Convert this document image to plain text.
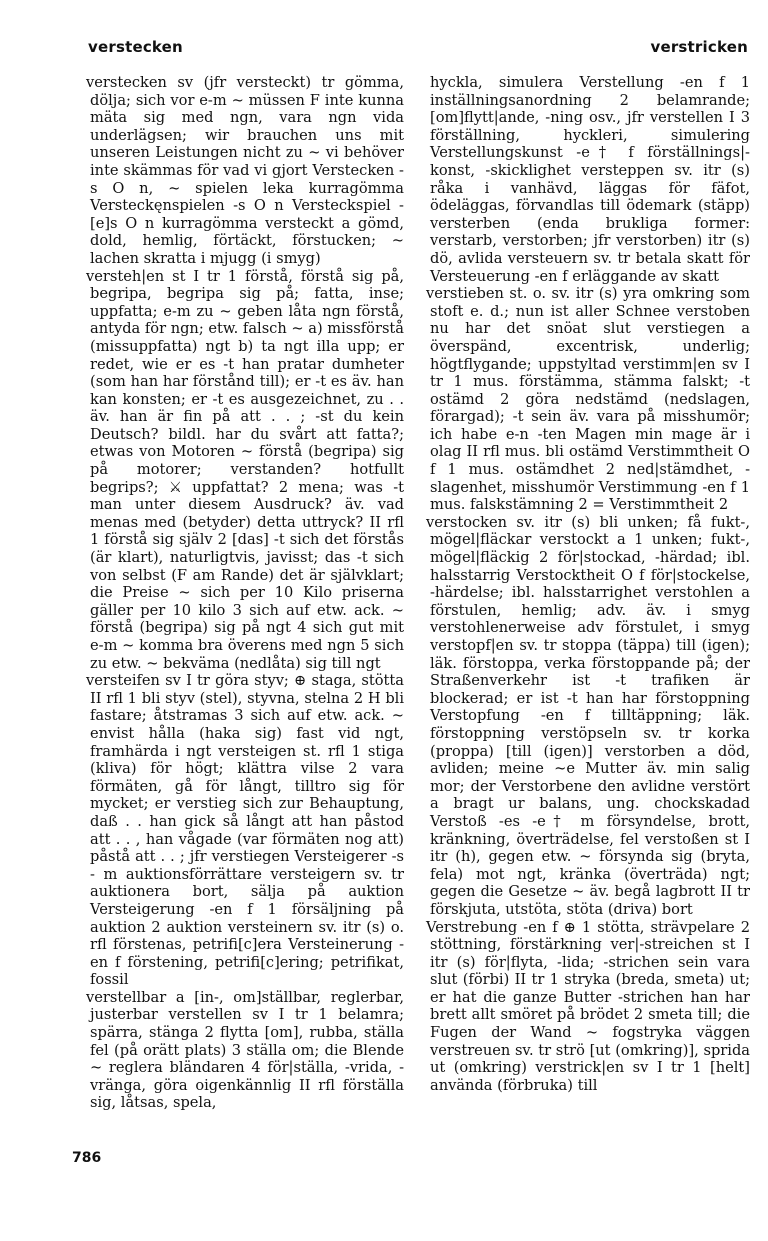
verstecken	verstricken

verstecken sv (jfr versteckt) tr gömma, dölja; sich vor e-m ~ müssen F inte kunna mäta sig med ngn, vara ngn vida underlägsen; wir brauchen uns mit unseren Leistungen nicht zu ~ vi behöver inte skämmas för vad vi gjort Verstecken -s O n, ~ spielen leka kurragömma Versteckęnspielen -s O n Versteckspiel -[e]s O n kurragömma versteckt a gömd, dold, hemlig, förtäckt, förstucken; ~ lachen skratta i mjugg (i smyg)

versteh|en st I tr 1 förstå, förstå sig på, begripa, begripa sig på; fatta, inse; uppfatta; e-m zu ~ geben låta ngn förstå, antyda för ngn; etw. falsch ~ a) missförstå (missuppfatta) ngt b) ta ngt illa upp; er redet, wie er es -t han pratar dumheter (som han har förstånd till); er -t es äv. han kan konsten; er -t es ausgezeichnet, zu . . äv. han är fin på att . . ; -st du kein Deutsch? bildl. har du svårt att fatta?; etwas von Motoren ~ förstå (begripa) sig på motorer; verstanden? hotfullt begrips?; ⚔ uppfattat? 2 mena; was -t man unter diesem Ausdruck? äv. vad menas med (betyder) detta uttryck? II rfl 1 förstå sig själv 2 [das] -t sich det förstås (är klart), naturligtvis, javisst; das -t sich von selbst (F am Rande) det är självklart; die Preise ~ sich per 10 Kilo priserna gäller per 10 kilo 3 sich auf etw. ack. ~ förstå (begripa) sig på ngt 4 sich gut mit e-m ~ komma bra överens med ngn 5 sich zu etw. ~ bekväma (nedlåta) sig till ngt

versteifen sv I tr göra styv; ⊕ staga, stötta II rfl 1 bli styv (stel), styvna, stelna 2 H bli fastare; åtstramas 3 sich auf etw. ack. ~ envist hålla (haka sig) fast vid ngt, framhärda i ngt versteigen st. rfl 1 stiga (kliva) för högt; klättra vilse 2 vara förmäten, gå för långt, tilltro sig för mycket; er verstieg sich zur Behauptung, daß . . han gick så långt att han påstod att . . , han vågade (var förmäten nog att) påstå att . . ; jfr verstiegen Versteigerer -s - m auktionsförrättare versteigern sv. tr auktionera bort, sälja på auktion Versteigerung -en f 1 försäljning på auktion 2 auktion versteinern sv. itr (s) o. rfl förstenas, petrifi[c]era Versteinerung -en f förstening, petrifi[c]ering; petrifikat, fossil

verstellbar a [in-, om]ställbar, reglerbar, justerbar verstellen sv I tr 1 belamra; spärra, stänga 2 flytta [om], rubba, ställa fel (på orätt plats) 3 ställa om; die Blende ~ reglera bländaren 4 för|ställa, -vrida, -vränga, göra oigenkännlig II rfl förställa sig, låtsas, spela,

hyckla, simulera Verstellung -en f 1 inställningsanordning 2 belamrande; [om]flytt|ande, -ning osv., jfr verstellen I 3 förställning, hyckleri, simulering Verstellungskunst -e† f förställnings|-konst, -skicklighet versteppen sv. itr (s) råka i vanhävd, läggas för fäfot, ödeläggas, förvandlas till ödemark (stäpp) versterben (enda brukliga former: verstarb, verstorben; jfr verstorben) itr (s) dö, avlida versteuern sv. tr betala skatt för Versteuerung -en f erläggande av skatt

verstieben st. o. sv. itr (s) yra omkring som stoft e. d.; nun ist aller Schnee verstoben nu har det snöat slut verstiegen a överspänd, excentrisk, underlig; högtflygande; uppstyltad verstimm|en sv I tr 1 mus. förstämma, stämma falskt; -t ostämd 2 göra nedstämd (nedslagen, förargad); -t sein äv. vara på misshumör; ich habe e-n -ten Magen min mage är i olag II rfl mus. bli ostämd Verstimmtheit O f 1 mus. ostämdhet 2 ned|stämdhet, -slagenhet, misshumör Verstimmung -en f 1 mus. falskstämning 2 = Verstimmtheit 2

verstocken sv. itr (s) bli unken; få fukt-, mögel|fläckar verstockt a 1 unken; fukt-, mögel|fläckig 2 för|stockad, -härdad; ibl. halsstarrig Verstocktheit O f för|stockelse, -härdelse; ibl. halsstarrighet verstohlen a förstulen, hemlig; adv. äv. i smyg verstohlenerweise adv förstulet, i smyg verstopf|en sv. tr stoppa (täppa) till (igen); läk. förstoppa, verka förstoppande på; der Straßenverkehr ist -t trafiken är blockerad; er ist -t han har förstoppning Verstopfung -en f tilltäppning; läk. förstoppning verstöpseln sv. tr korka (proppa) [till (igen)] verstorben a död, avliden; meine ~e Mutter äv. min salig mor; der Verstorbene den avlidne verstört a bragt ur balans, ung. chockskadad Verstoß -es -e† m försyndelse, brott, kränkning, överträdelse, fel verstoßen st I itr (h), gegen etw. ~ försynda sig (bryta, fela) mot ngt, kränka (överträda) ngt; gegen die Gesetze ~ äv. begå lagbrott II tr förskjuta, utstöta, stöta (driva) bort

Verstrebung -en f ⊕ 1 stötta, strävpelare 2 stöttning, förstärkning ver|-streichen st I itr (s) för|flyta, -lida; -strichen sein vara slut (förbi) II tr 1 stryka (breda, smeta) ut; er hat die ganze Butter -strichen han har brett allt smöret på brödet 2 smeta till; die Fugen der Wand ~ fogstryka väggen verstreuen sv. tr strö [ut (omkring)], sprida ut (omkring) verstrick|en sv I tr 1 [helt] använda (förbruka) till

786
